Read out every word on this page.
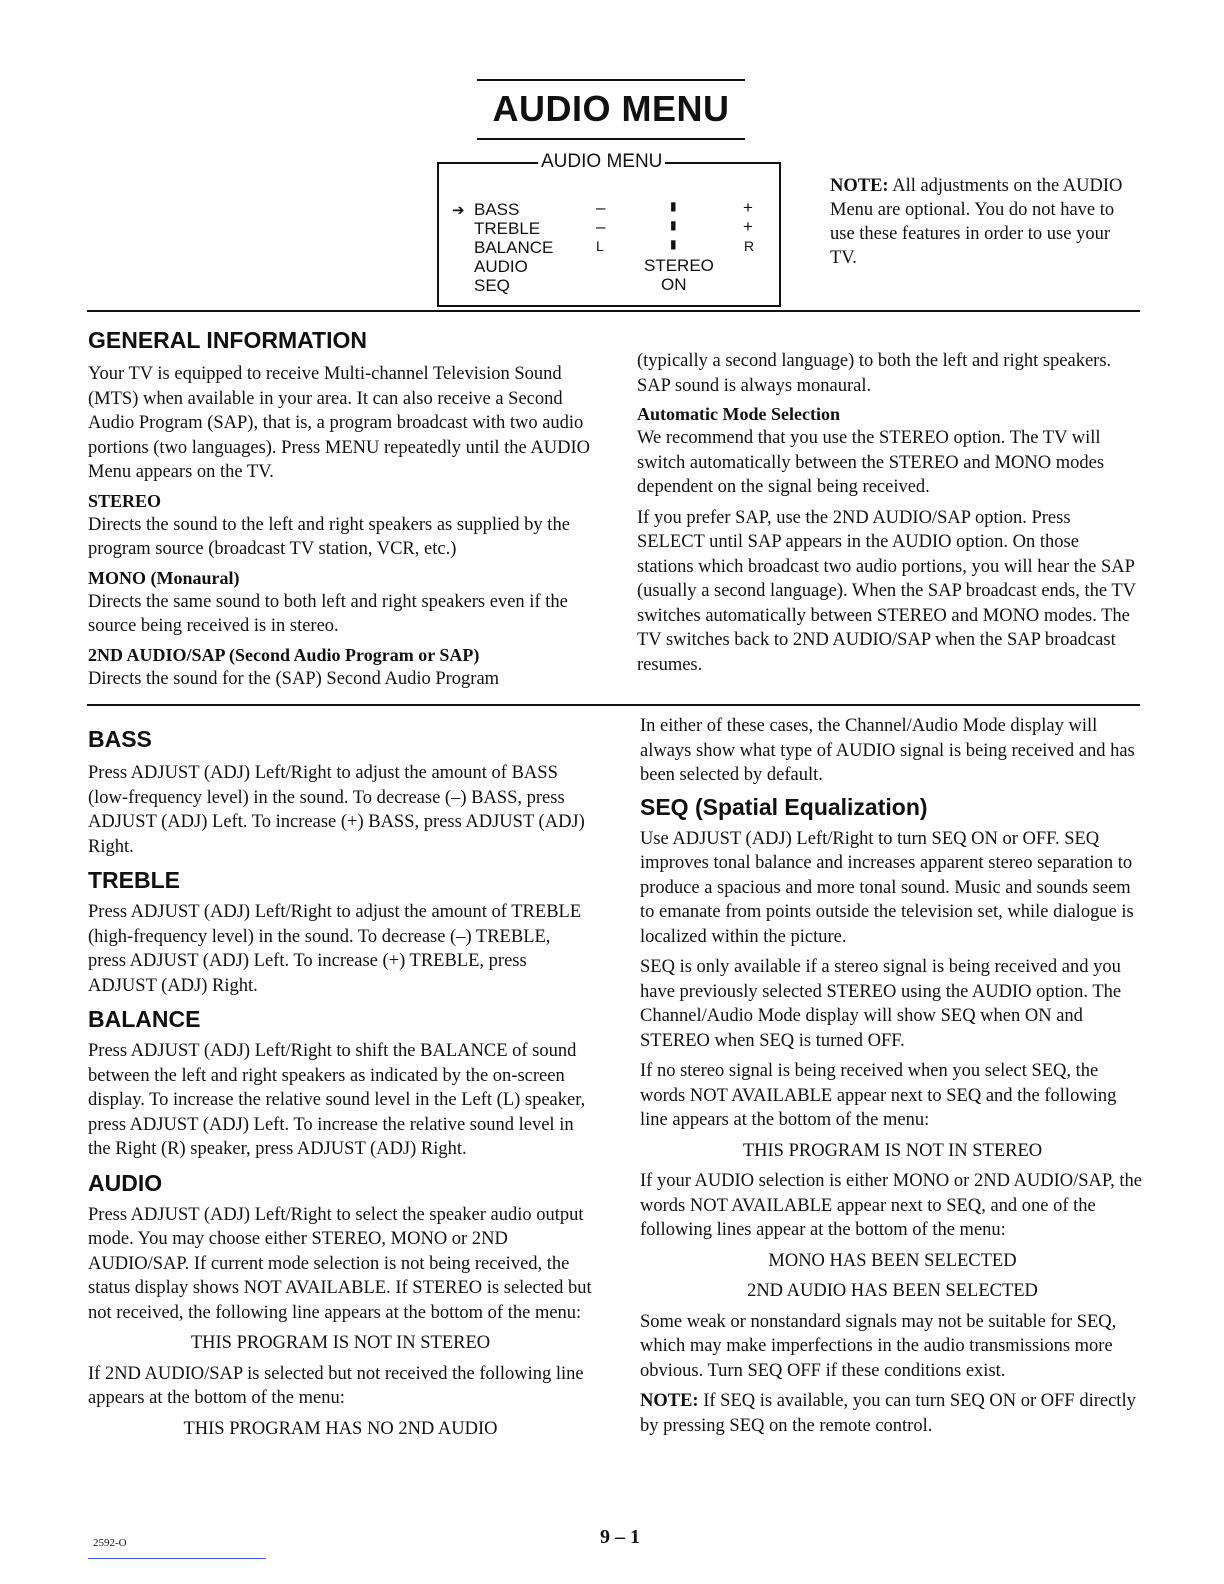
AUDIO MENU
AUDIO MENU
➔ BASS	–	▮	+
TREBLE	–	▮	+
BALANCE	L	▮	R
AUDIO	STEREO
SEQ	ON
NOTE: All adjustments on the AUDIO Menu are optional. You do not have to use these features in order to use your TV.
GENERAL INFORMATION
Your TV is equipped to receive Multi-channel Television Sound (MTS) when available in your area. It can also receive a Second Audio Program (SAP), that is, a program broadcast with two audio portions (two languages). Press MENU repeatedly until the AUDIO Menu appears on the TV.
STEREO
Directs the sound to the left and right speakers as supplied by the program source (broadcast TV station, VCR, etc.)
MONO (Monaural)
Directs the same sound to both left and right speakers even if the source being received is in stereo.
2ND AUDIO/SAP (Second Audio Program or SAP)
Directs the sound for the (SAP) Second Audio Program
(typically a second language) to both the left and right speakers. SAP sound is always monaural.
Automatic Mode Selection
We recommend that you use the STEREO option. The TV will switch automatically between the STEREO and MONO modes dependent on the signal being received.
If you prefer SAP, use the 2ND AUDIO/SAP option. Press SELECT until SAP appears in the AUDIO option. On those stations which broadcast two audio portions, you will hear the SAP (usually a second language). When the SAP broadcast ends, the TV switches automatically between STEREO and MONO modes. The TV switches back to 2ND AUDIO/SAP when the SAP broadcast resumes.
BASS
Press ADJUST (ADJ) Left/Right to adjust the amount of BASS (low-frequency level) in the sound. To decrease (–) BASS, press ADJUST (ADJ) Left. To increase (+) BASS, press ADJUST (ADJ) Right.
TREBLE
Press ADJUST (ADJ) Left/Right to adjust the amount of TREBLE (high-frequency level) in the sound. To decrease (–) TREBLE, press ADJUST (ADJ) Left. To increase (+) TREBLE, press ADJUST (ADJ) Right.
BALANCE
Press ADJUST (ADJ) Left/Right to shift the BALANCE of sound between the left and right speakers as indicated by the on-screen display. To increase the relative sound level in the Left (L) speaker, press ADJUST (ADJ) Left. To increase the relative sound level in the Right (R) speaker, press ADJUST (ADJ) Right.
AUDIO
Press ADJUST (ADJ) Left/Right to select the speaker audio output mode. You may choose either STEREO, MONO or 2ND AUDIO/SAP. If current mode selection is not being received, the status display shows NOT AVAILABLE. If STEREO is selected but not received, the following line appears at the bottom of the menu:
THIS PROGRAM IS NOT IN STEREO
If 2ND AUDIO/SAP is selected but not received the following line appears at the bottom of the menu:
THIS PROGRAM HAS NO 2ND AUDIO
In either of these cases, the Channel/Audio Mode display will always show what type of AUDIO signal is being received and has been selected by default.
SEQ (Spatial Equalization)
Use ADJUST (ADJ) Left/Right to turn SEQ ON or OFF. SEQ improves tonal balance and increases apparent stereo separation to produce a spacious and more tonal sound. Music and sounds seem to emanate from points outside the television set, while dialogue is localized within the picture.
SEQ is only available if a stereo signal is being received and you have previously selected STEREO using the AUDIO option. The Channel/Audio Mode display will show SEQ when ON and STEREO when SEQ is turned OFF.
If no stereo signal is being received when you select SEQ, the words NOT AVAILABLE appear next to SEQ and the following line appears at the bottom of the menu:
THIS PROGRAM IS NOT IN STEREO
If your AUDIO selection is either MONO or 2ND AUDIO/SAP, the words NOT AVAILABLE appear next to SEQ, and one of the following lines appear at the bottom of the menu:
MONO HAS BEEN SELECTED
2ND AUDIO HAS BEEN SELECTED
Some weak or nonstandard signals may not be suitable for SEQ, which may make imperfections in the audio transmissions more obvious. Turn SEQ OFF if these conditions exist.
NOTE: If SEQ is available, you can turn SEQ ON or OFF directly by pressing SEQ on the remote control.
2592-O	9 – 1
